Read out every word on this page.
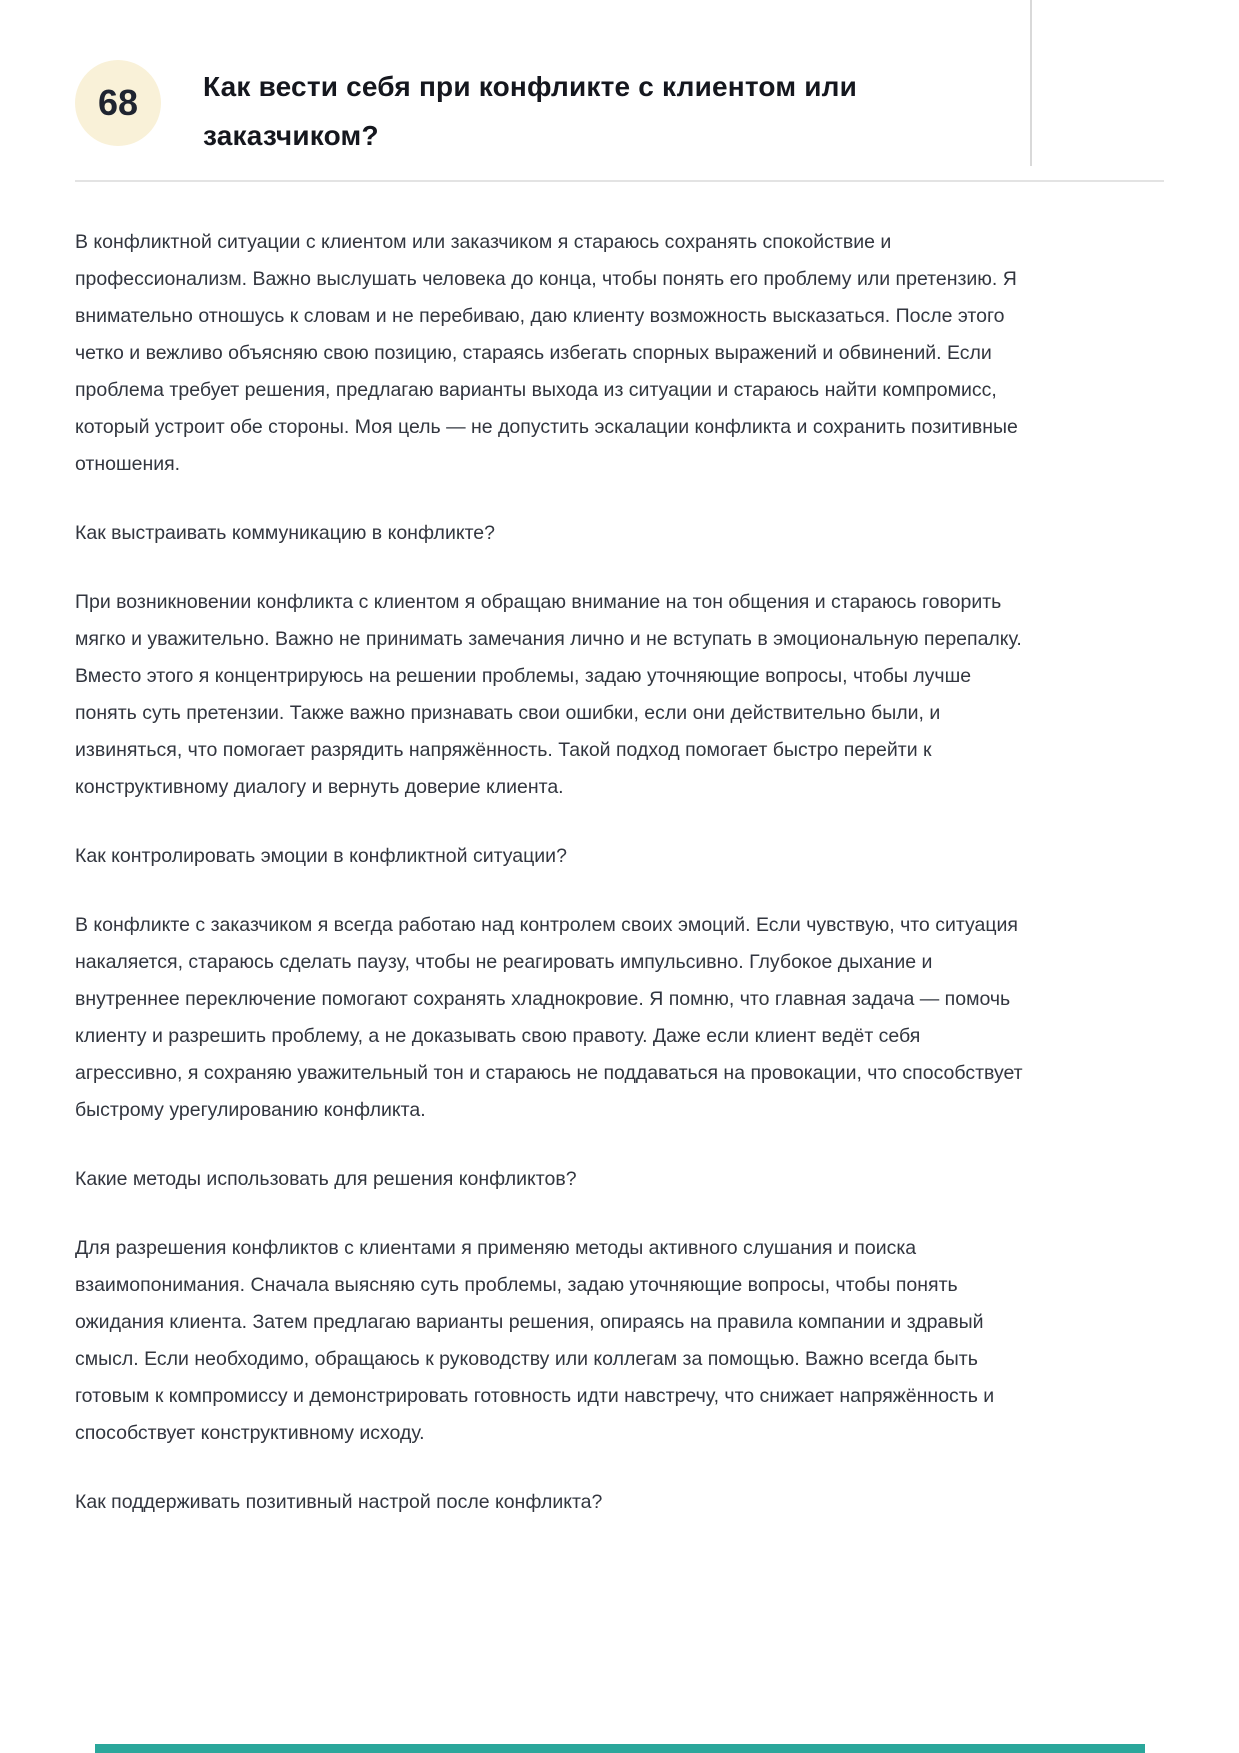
68 Как вести себя при конфликте с клиентом или заказчиком?

В конфликтной ситуации с клиентом или заказчиком я стараюсь сохранять спокойствие и профессионализм. Важно выслушать человека до конца, чтобы понять его проблему или претензию. Я внимательно отношусь к словам и не перебиваю, даю клиенту возможность высказаться. После этого четко и вежливо объясняю свою позицию, стараясь избегать спорных выражений и обвинений. Если проблема требует решения, предлагаю варианты выхода из ситуации и стараюсь найти компромисс, который устроит обе стороны. Моя цель — не допустить эскалации конфликта и сохранить позитивные отношения.

Как выстраивать коммуникацию в конфликте?

При возникновении конфликта с клиентом я обращаю внимание на тон общения и стараюсь говорить мягко и уважительно. Важно не принимать замечания лично и не вступать в эмоциональную перепалку. Вместо этого я концентрируюсь на решении проблемы, задаю уточняющие вопросы, чтобы лучше понять суть претензии. Также важно признавать свои ошибки, если они действительно были, и извиняться, что помогает разрядить напряжённость. Такой подход помогает быстро перейти к конструктивному диалогу и вернуть доверие клиента.

Как контролировать эмоции в конфликтной ситуации?

В конфликте с заказчиком я всегда работаю над контролем своих эмоций. Если чувствую, что ситуация накаляется, стараюсь сделать паузу, чтобы не реагировать импульсивно. Глубокое дыхание и внутреннее переключение помогают сохранять хладнокровие. Я помню, что главная задача — помочь клиенту и разрешить проблему, а не доказывать свою правоту. Даже если клиент ведёт себя агрессивно, я сохраняю уважительный тон и стараюсь не поддаваться на провокации, что способствует быстрому урегулированию конфликта.

Какие методы использовать для решения конфликтов?

Для разрешения конфликтов с клиентами я применяю методы активного слушания и поиска взаимопонимания. Сначала выясняю суть проблемы, задаю уточняющие вопросы, чтобы понять ожидания клиента. Затем предлагаю варианты решения, опираясь на правила компании и здравый смысл. Если необходимо, обращаюсь к руководству или коллегам за помощью. Важно всегда быть готовым к компромиссу и демонстрировать готовность идти навстречу, что снижает напряжённость и способствует конструктивному исходу.

Как поддерживать позитивный настрой после конфликта?
